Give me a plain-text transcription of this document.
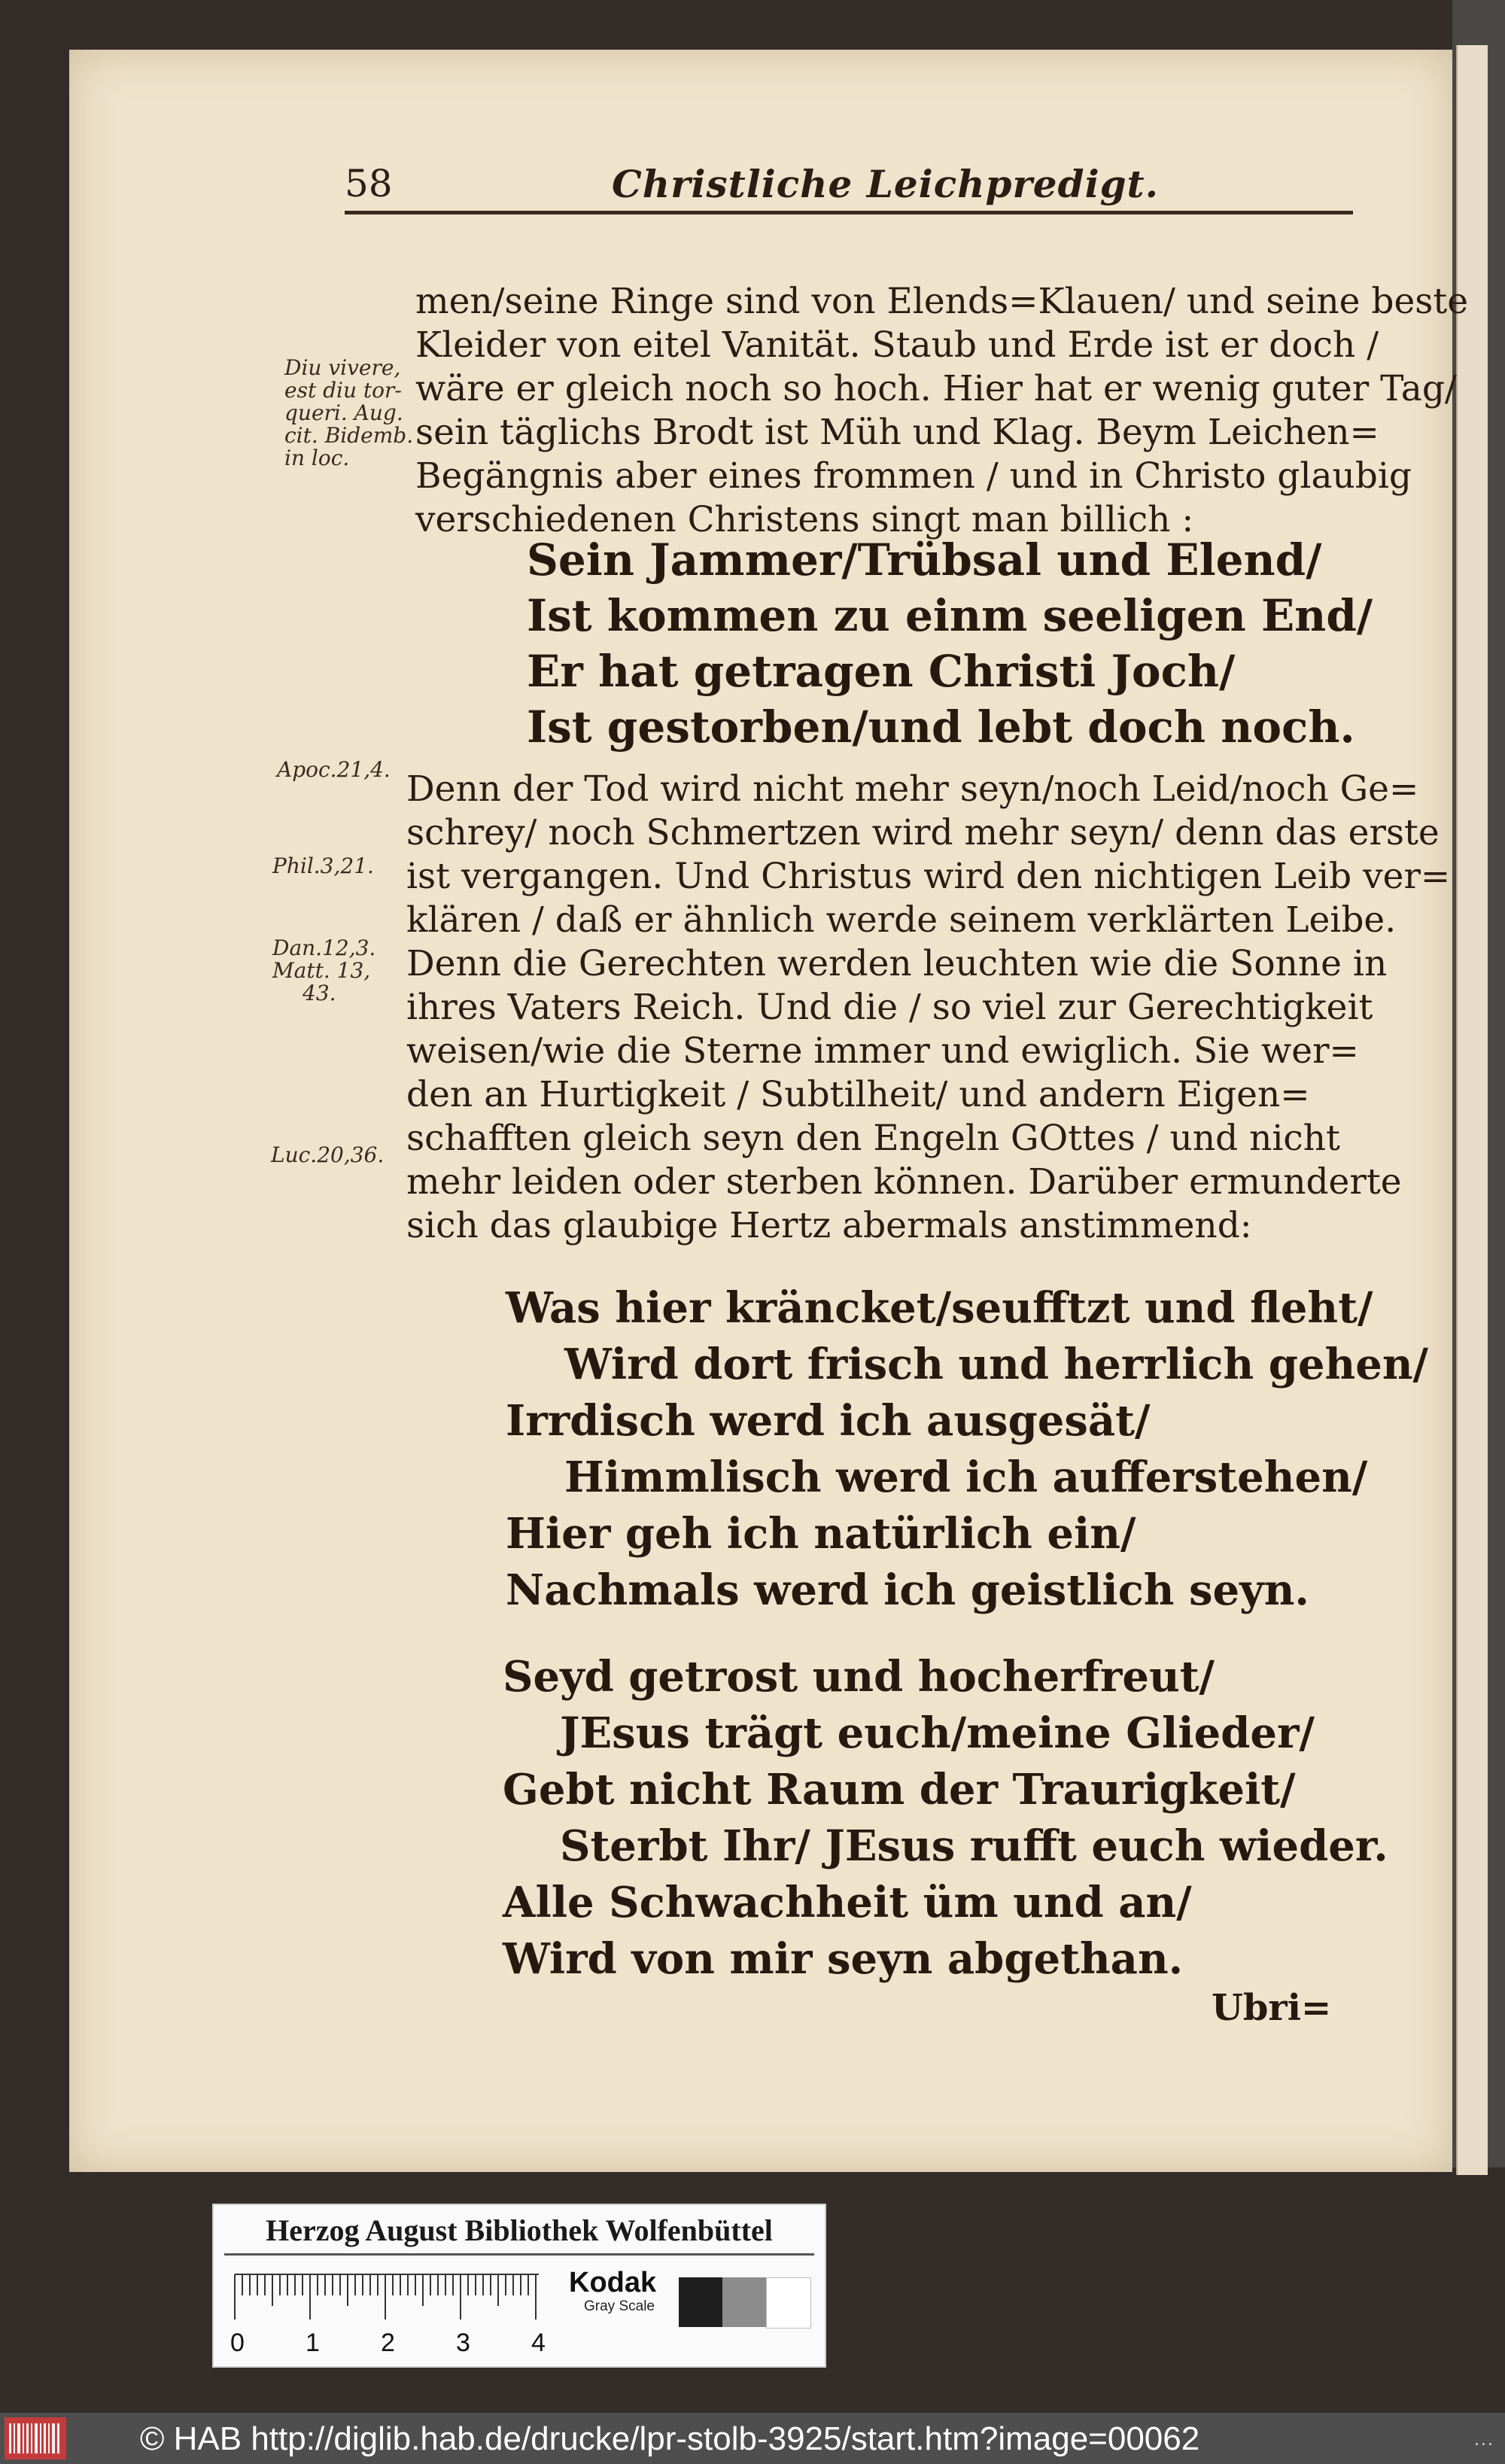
58	Christliche Leichpredigt.
men/seine Ringe sind von Elends=Klauen/ und seine beste
Kleider von eitel Vanität. Staub und Erde ist er doch /
wäre er gleich noch so hoch. Hier hat er wenig guter Tag/
sein täglichs Brodt ist Müh und Klag. Beym Leichen=
Begängnis aber eines frommen / und in Christo glaubig
verschiedenen Christens singt man billich :
Sein Jammer/Trübsal und Elend/
Ist kommen zu einm seeligen End/
Er hat getragen Christi Joch/
Ist gestorben/und lebt doch noch.
Denn der Tod wird nicht mehr seyn/noch Leid/noch Ge=
schrey/ noch Schmertzen wird mehr seyn/ denn das erste
ist vergangen. Und Christus wird den nichtigen Leib ver=
klären / daß er ähnlich werde seinem verklärten Leibe.
Denn die Gerechten werden leuchten wie die Sonne in
ihres Vaters Reich. Und die / so viel zur Gerechtigkeit
weisen/wie die Sterne immer und ewiglich. Sie wer=
den an Hurtigkeit / Subtilheit/ und andern Eigen=
schafften gleich seyn den Engeln GOttes / und nicht
mehr leiden oder sterben können. Darüber ermunderte
sich das glaubige Hertz abermals anstimmend:
Was hier kräncket/seufftzt und fleht/
Wird dort frisch und herrlich gehen/
Irrdisch werd ich ausgesät/
Himmlisch werd ich aufferstehen/
Hier geh ich natürlich ein/
Nachmals werd ich geistlich seyn.
Seyd getrost und hocherfreut/
JEsus trägt euch/meine Glieder/
Gebt nicht Raum der Traurigkeit/
Sterbt Ihr/ JEsus rufft euch wieder.
Alle Schwachheit üm und an/
Wird von mir seyn abgethan.
Ubri=
Diu vivere,
est diu tor-
queri. Aug.
cit. Bidemb.
in loc.
Apoc.21,4.
Phil.3,21.
Dan.12,3.
Matt. 13,
43.
Luc.20,36.
Herzog August Bibliothek Wolfenbüttel
0 1 2 3 4
Kodak
Gray Scale
© HAB http://diglib.hab.de/drucke/lpr-stolb-3925/start.htm?image=00062	...
